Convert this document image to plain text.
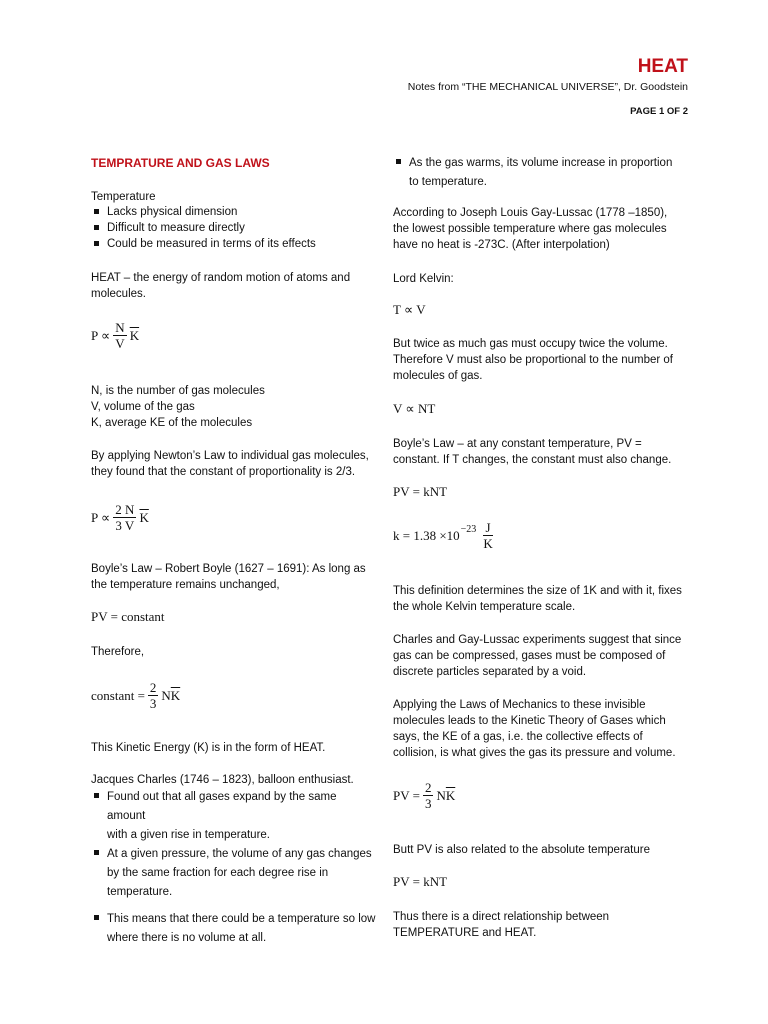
HEAT
Notes from “THE MECHANICAL UNIVERSE”, Dr. Goodstein
PAGE 1 OF 2
TEMPRATURE AND GAS LAWS
Temperature
Lacks physical dimension
Difficult to measure directly
Could be measured in terms of its effects
HEAT – the energy of random motion of atoms and
molecules.
$P \propto \frac{N}{V} \overline{K}$
N, is the number of gas molecules
V, volume of the gas
K, average KE of the molecules
By applying Newton’s Law to individual gas molecules,
they found that the constant of proportionality is 2/3.
$P \propto \frac{2 N}{3 V} \overline{K}$
Boyle’s Law – Robert Boyle (1627 – 1691): As long as
the temperature remains unchanged,
PV = constant
Therefore,
constant = $\frac{2}{3} N\overline{K}$
This Kinetic Energy (K) is in the form of HEAT.
Jacques Charles (1746 – 1823), balloon enthusiast.
Found out that all gases expand by the same amount
with a given rise in temperature.
At a given pressure, the volume of any gas changes
by the same fraction for each degree rise in
temperature.
This means that there could be a temperature so low
where there is no volume at all.
As the gas warms, its volume increase in proportion
to temperature.
According to Joseph Louis Gay-Lussac (1778 –1850),
the lowest possible temperature where gas molecules
have no heat is -273C. (After interpolation)
Lord Kelvin:
T ∝ V
But twice as much gas must occupy twice the volume.
Therefore V must also be proportional to the number of
molecules of gas.
V ∝ NT
Boyle’s Law – at any constant temperature, PV =
constant. If T changes, the constant must also change.
PV = kNT
$k = 1.38 \times 10^{-23} \frac{J}{K}$
This definition determines the size of 1K and with it, fixes
the whole Kelvin temperature scale.
Charles and Gay-Lussac experiments suggest that since
gas can be compressed, gases must be composed of
discrete particles separated by a void.
Applying the Laws of Mechanics to these invisible
molecules leads to the Kinetic Theory of Gases which
says, the KE of a gas, i.e. the collective effects of
collision, is what gives the gas its pressure and volume.
PV = $\frac{2}{3} N\overline{K}$
Butt PV is also related to the absolute temperature
PV = kNT
Thus there is a direct relationship between
TEMPERATURE and HEAT.
